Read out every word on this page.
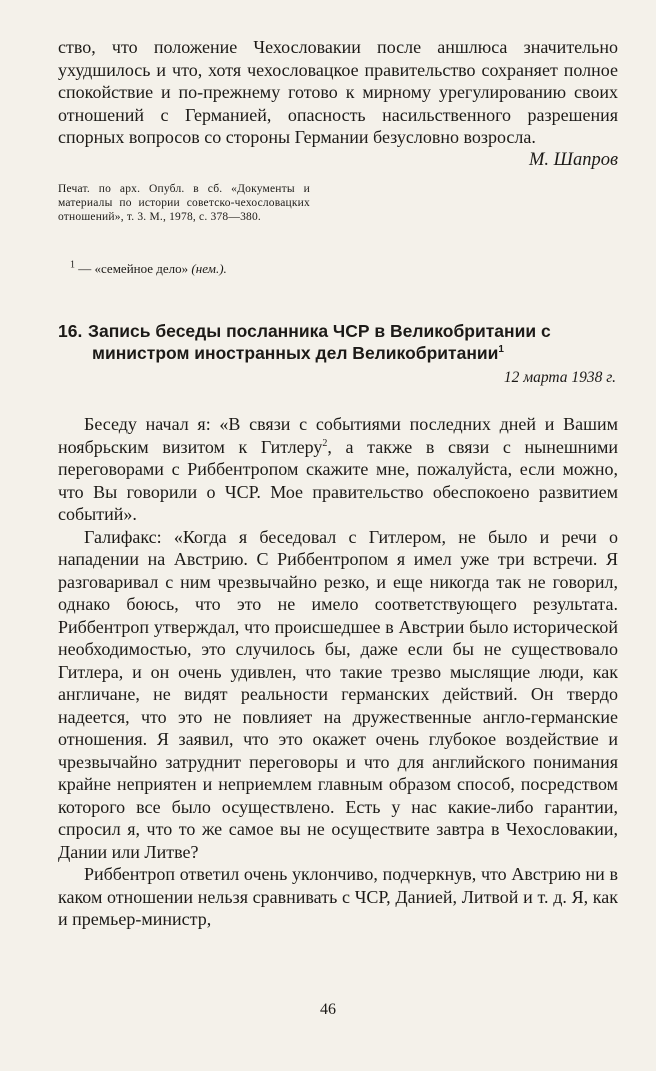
ство, что положение Чехословакии после аншлюса значительно ухудшилось и что, хотя чехословацкое правительство сохраняет полное спокойствие и по-прежнему готово к мирному урегулированию своих отношений с Германией, опасность насильственного разрешения спорных вопросов со стороны Германии безусловно возросла.

М. Шапров

Печат. по арх. Опубл. в сб. «Документы и материалы по истории советско-чехословацких отношений», т. 3. М., 1978, с. 378—380.

$^1$ — «семейное дело» (нем.).

16. Запись беседы посланника ЧСР в Великобритании с
министром иностранных дел Великобритании$^1$

12 марта 1938 г.

Беседу начал я: «В связи с событиями последних дней и Вашим ноябрьским визитом к Гитлеру$^2$, а также в связи с нынешними переговорами с Риббентропом скажите мне, пожалуйста, если можно, что Вы говорили о ЧСР. Мое правительство обеспокоено развитием событий».

Галифакс: «Когда я беседовал с Гитлером, не было и речи о нападении на Австрию. С Риббентропом я имел уже три встречи. Я разговаривал с ним чрезвычайно резко, и еще никогда так не говорил, однако боюсь, что это не имело соответствующего результата. Риббентроп утверждал, что происшедшее в Австрии было исторической необходимостью, это случилось бы, даже если бы не существовало Гитлера, и он очень удивлен, что такие трезво мыслящие люди, как англичане, не видят реальности германских действий. Он твердо надеется, что это не повлияет на дружественные англо-германские отношения. Я заявил, что это окажет очень глубокое воздействие и чрезвычайно затруднит переговоры и что для английского понимания крайне неприятен и неприемлем главным образом способ, посредством которого все было осуществлено. Есть у нас какие-либо гарантии, спросил я, что то же самое вы не осуществите завтра в Чехословакии, Дании или Литве?

Риббентроп ответил очень уклончиво, подчеркнув, что Австрию ни в каком отношении нельзя сравнивать с ЧСР, Данией, Литвой и т. д. Я, как и премьер-министр,

46
